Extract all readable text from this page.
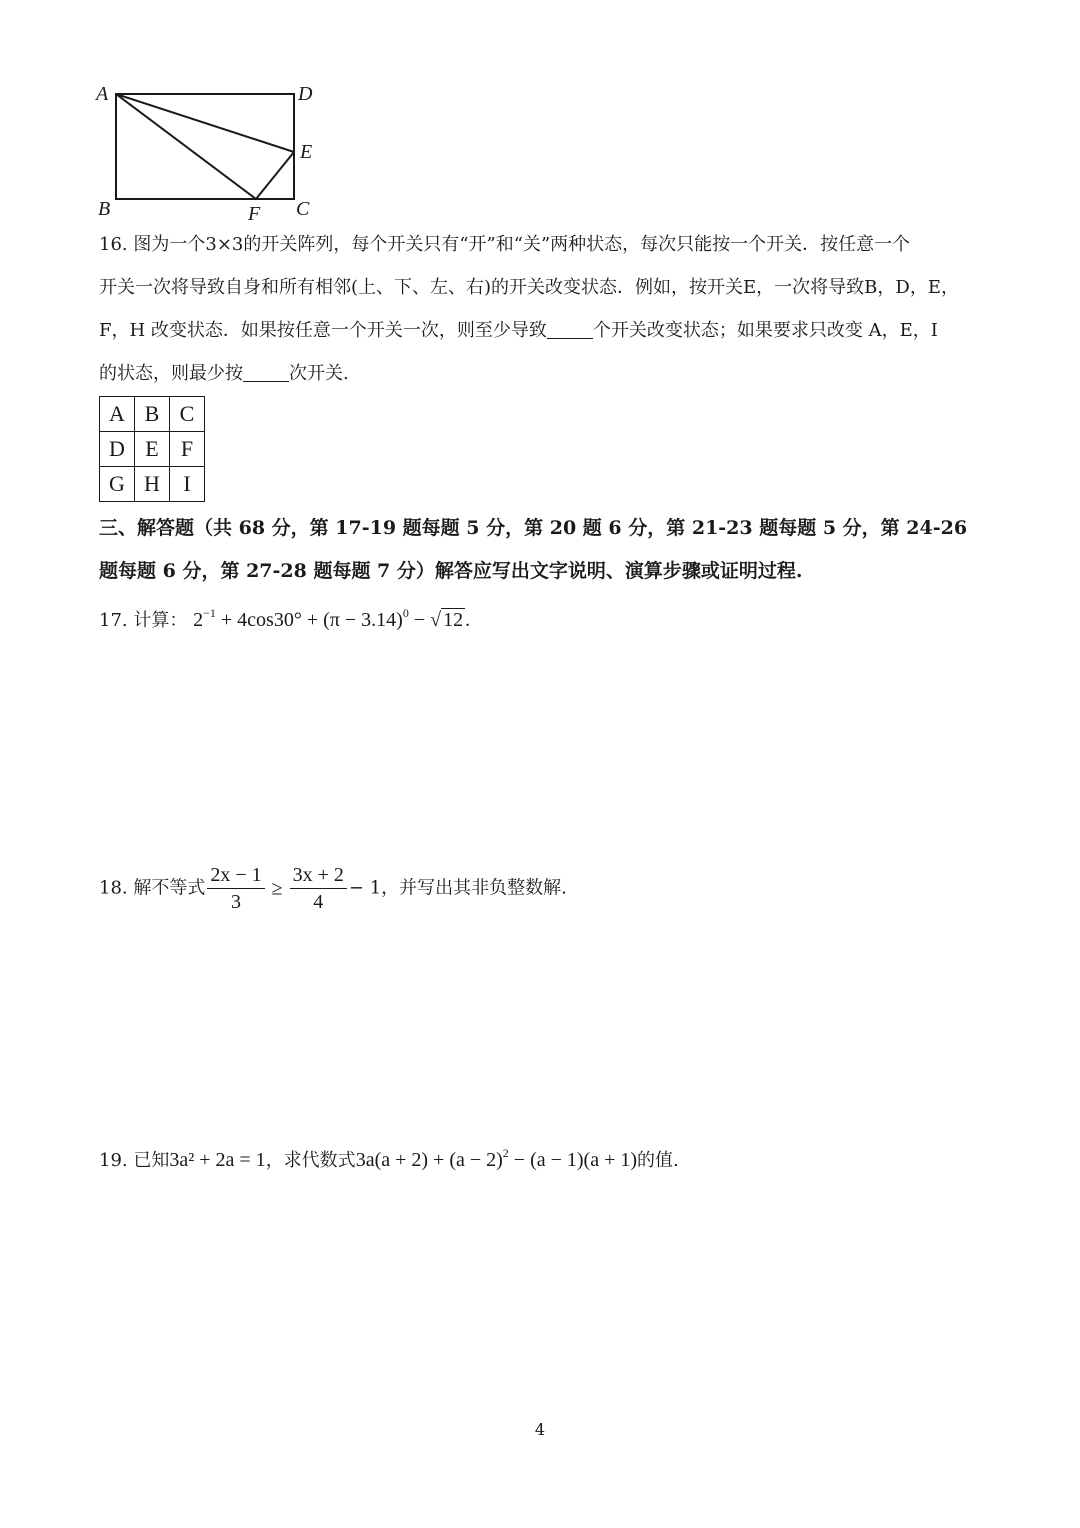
A	D
E
B	F C
16. 图为一个3×3的开关阵列，每个开关只有“开”和“关”两种状态，每次只能按一个开关．按任意一个
开关一次将导致自身和所有相邻(上、下、左、右)的开关改变状态．例如，按开关E，一次将导致B，D，E，
F，H 改变状态．如果按任意一个开关一次，则至少导致	个开关改变状态；如果要求只改变 A，E，I
的状态，则最少按	次开关.
A	B	C
D	E	F
G	H	I
三、解答题（共 68 分，第 17-19 题每题 5 分，第 20 题 6 分，第 21-23 题每题 5 分，第 24-26
题每题 6 分，第 27-28 题每题 7 分）解答应写出文字说明、演算步骤或证明过程.
17. 计算： $2^{-1} + 4\cos 30^\circ + (\pi - 3.14)^0$ − √ 12 .
18. 解不等式 $\frac{2x - 1}{3} \ge \frac{3x + 2}{4} - 1$，并写出其非负整数解.
19. 已知3a² + 2a = 1，求代数式$3a(a + 2) + (a - 2)^2 - (a - 1)(a + 1)$的值.
4
